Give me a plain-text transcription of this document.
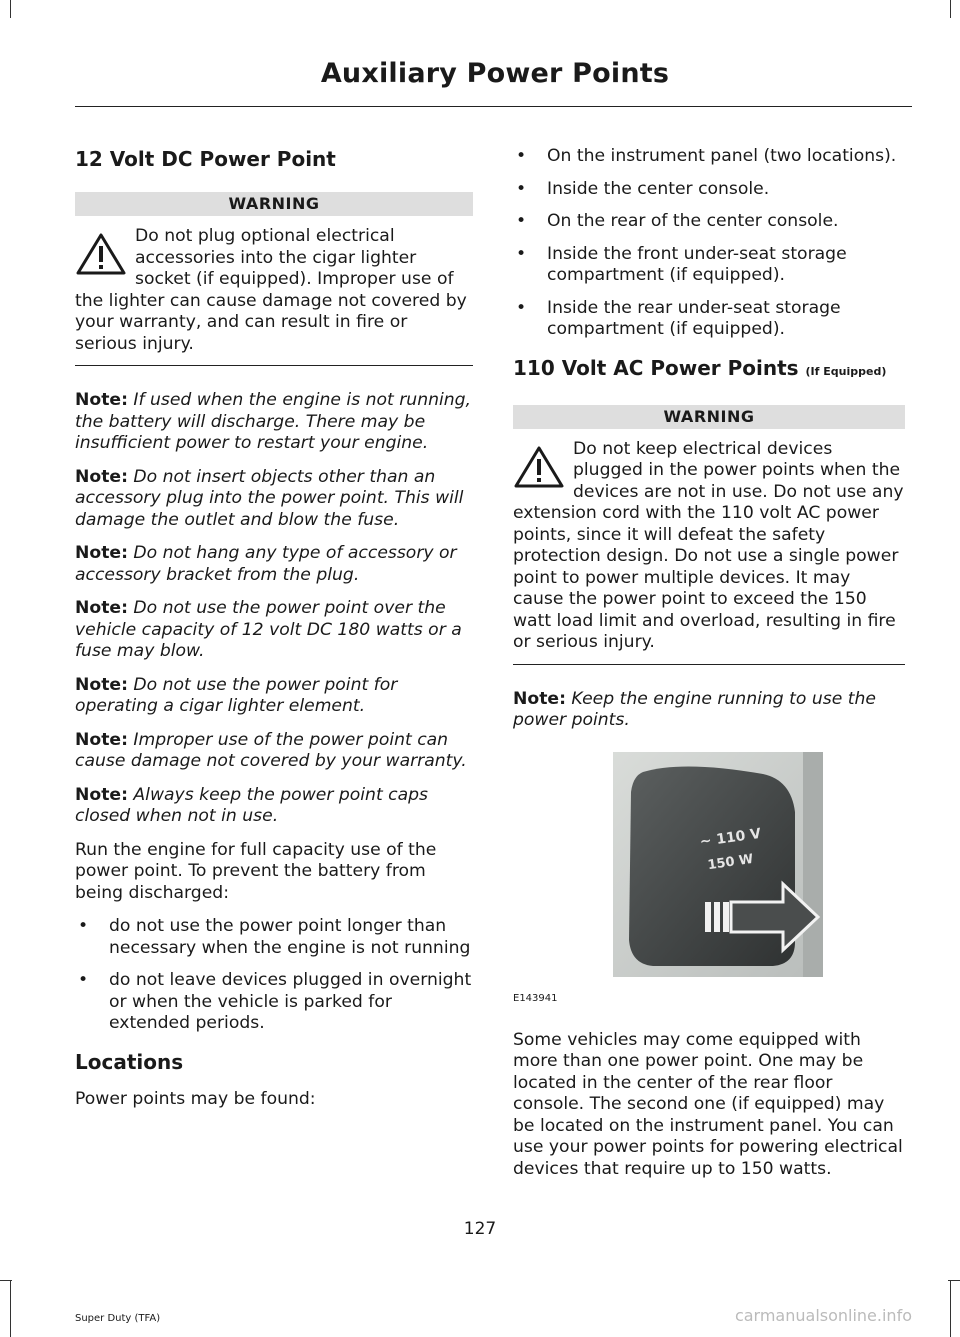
Auxiliary Power Points
12 Volt DC Power Point
WARNING

Do not plug optional electrical accessories into the cigar lighter socket (if equipped). Improper use of the lighter can cause damage not covered by your warranty, and can result in fire or serious injury.

Note: If used when the engine is not running, the battery will discharge. There may be insufficient power to restart your engine.

Note: Do not insert objects other than an accessory plug into the power point. This will damage the outlet and blow the fuse.

Note: Do not hang any type of accessory or accessory bracket from the plug.

Note: Do not use the power point over the vehicle capacity of 12 volt DC 180 watts or a fuse may blow.

Note: Do not use the power point for operating a cigar lighter element.

Note: Improper use of the power point can cause damage not covered by your warranty.

Note: Always keep the power point caps closed when not in use.

Run the engine for full capacity use of the power point. To prevent the battery from being discharged:

• do not use the power point longer than necessary when the engine is not running
• do not leave devices plugged in overnight or when the vehicle is parked for extended periods.
Locations

Power points may be found:

• On the instrument panel (two locations).
• Inside the center console.
• On the rear of the center console.
• Inside the front under-seat storage compartment (if equipped).
• Inside the rear under-seat storage compartment (if equipped).
110 Volt AC Power Points (If Equipped)
WARNING

Do not keep electrical devices plugged in the power points when the devices are not in use. Do not use any extension cord with the 110 volt AC power points, since it will defeat the safety protection design. Do not use a single power point to power multiple devices. It may cause the power point to exceed the 150 watt load limit and overload, resulting in fire or serious injury.

Note: Keep the engine running to use the power points.

~ 110 V
150 W
E143941

Some vehicles may come equipped with more than one power point. One may be located in the center of the rear floor console. The second one (if equipped) may be located on the instrument panel. You can use your power points for powering electrical devices that require up to 150 watts.

127
Super Duty (TFA)	carmanualsonline.info
